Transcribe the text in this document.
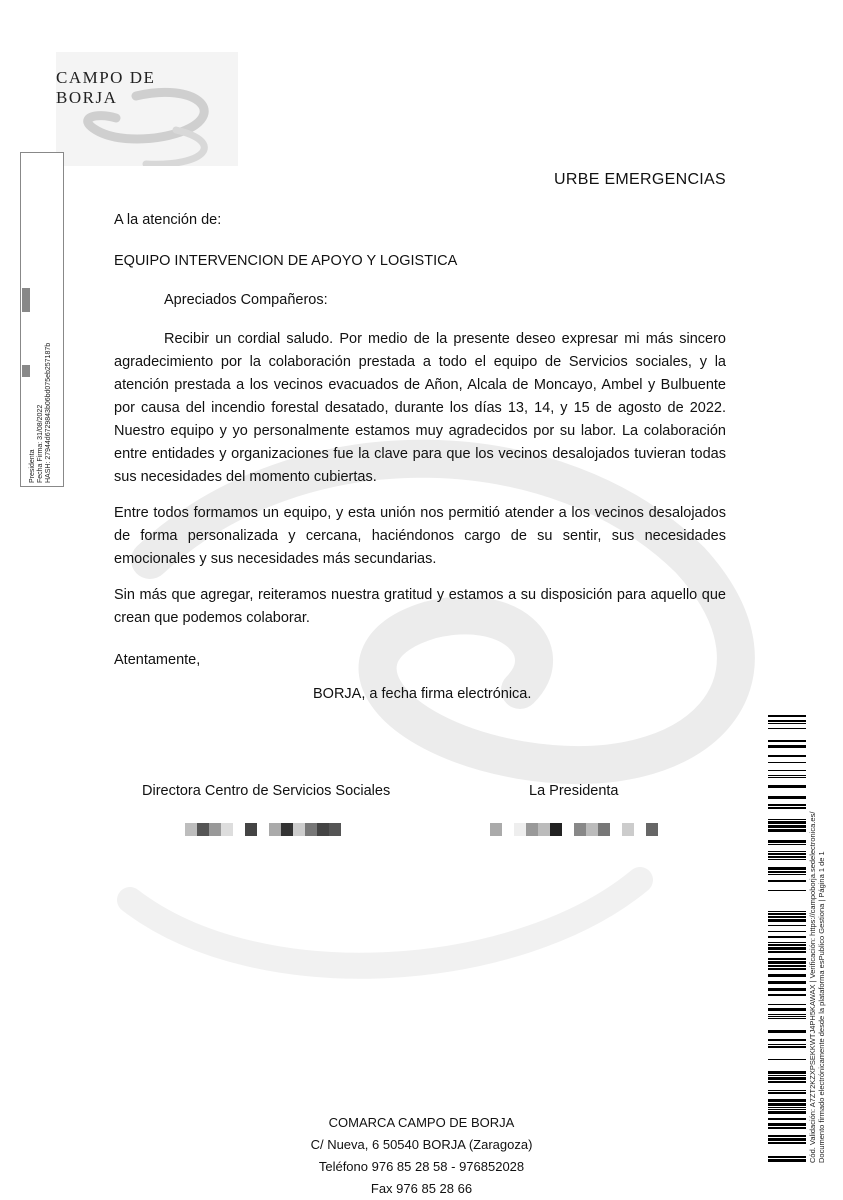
CAMPO DE
BORJA
Presidenta Fecha Firma: 31/08/2022 HASH: 27944d6729843b06bd075eb257187b
URBE EMERGENCIAS
A la atención de:
EQUIPO INTERVENCION DE APOYO Y LOGISTICA
Apreciados Compañeros:
Recibir un cordial saludo. Por medio de la presente deseo expresar mi más sincero agradecimiento por la colaboración prestada a todo el equipo de Servicios sociales, y la atención prestada a los vecinos evacuados de Añon, Alcala de Moncayo, Ambel y Bulbuente por causa del incendio forestal desatado, durante los días 13, 14, y 15 de agosto de 2022. Nuestro equipo y yo personalmente estamos muy agradecidos por su labor. La colaboración entre entidades y organizaciones fue la clave para que los vecinos desalojados tuvieran todas sus necesidades del momento cubiertas.
Entre todos formamos un equipo, y esta unión nos permitió atender a los vecinos desalojados de forma personalizada y cercana, haciéndonos cargo de su sentir, sus necesidades emocionales y sus necesidades más secundarias.
Sin más que agregar, reiteramos nuestra gratitud y estamos a su disposición para aquello que crean que podemos colaborar.
Atentamente,
BORJA, a fecha firma electrónica.
Directora Centro de Servicios Sociales	La Presidenta
COMARCA CAMPO DE BORJA
C/ Nueva, 6 50540 BORJA (Zaragoza)
Teléfono 976 85 28 58 - 976852028
Fax 976 85 28 66
Cód. Validación: A7ZT2KZXPSEKKWTJ4PH5KAWAX | Verificación: https://campoborja.sedelectronica.es/ Documento firmado electrónicamente desde la plataforma esPublico Gestiona | Página 1 de 1
